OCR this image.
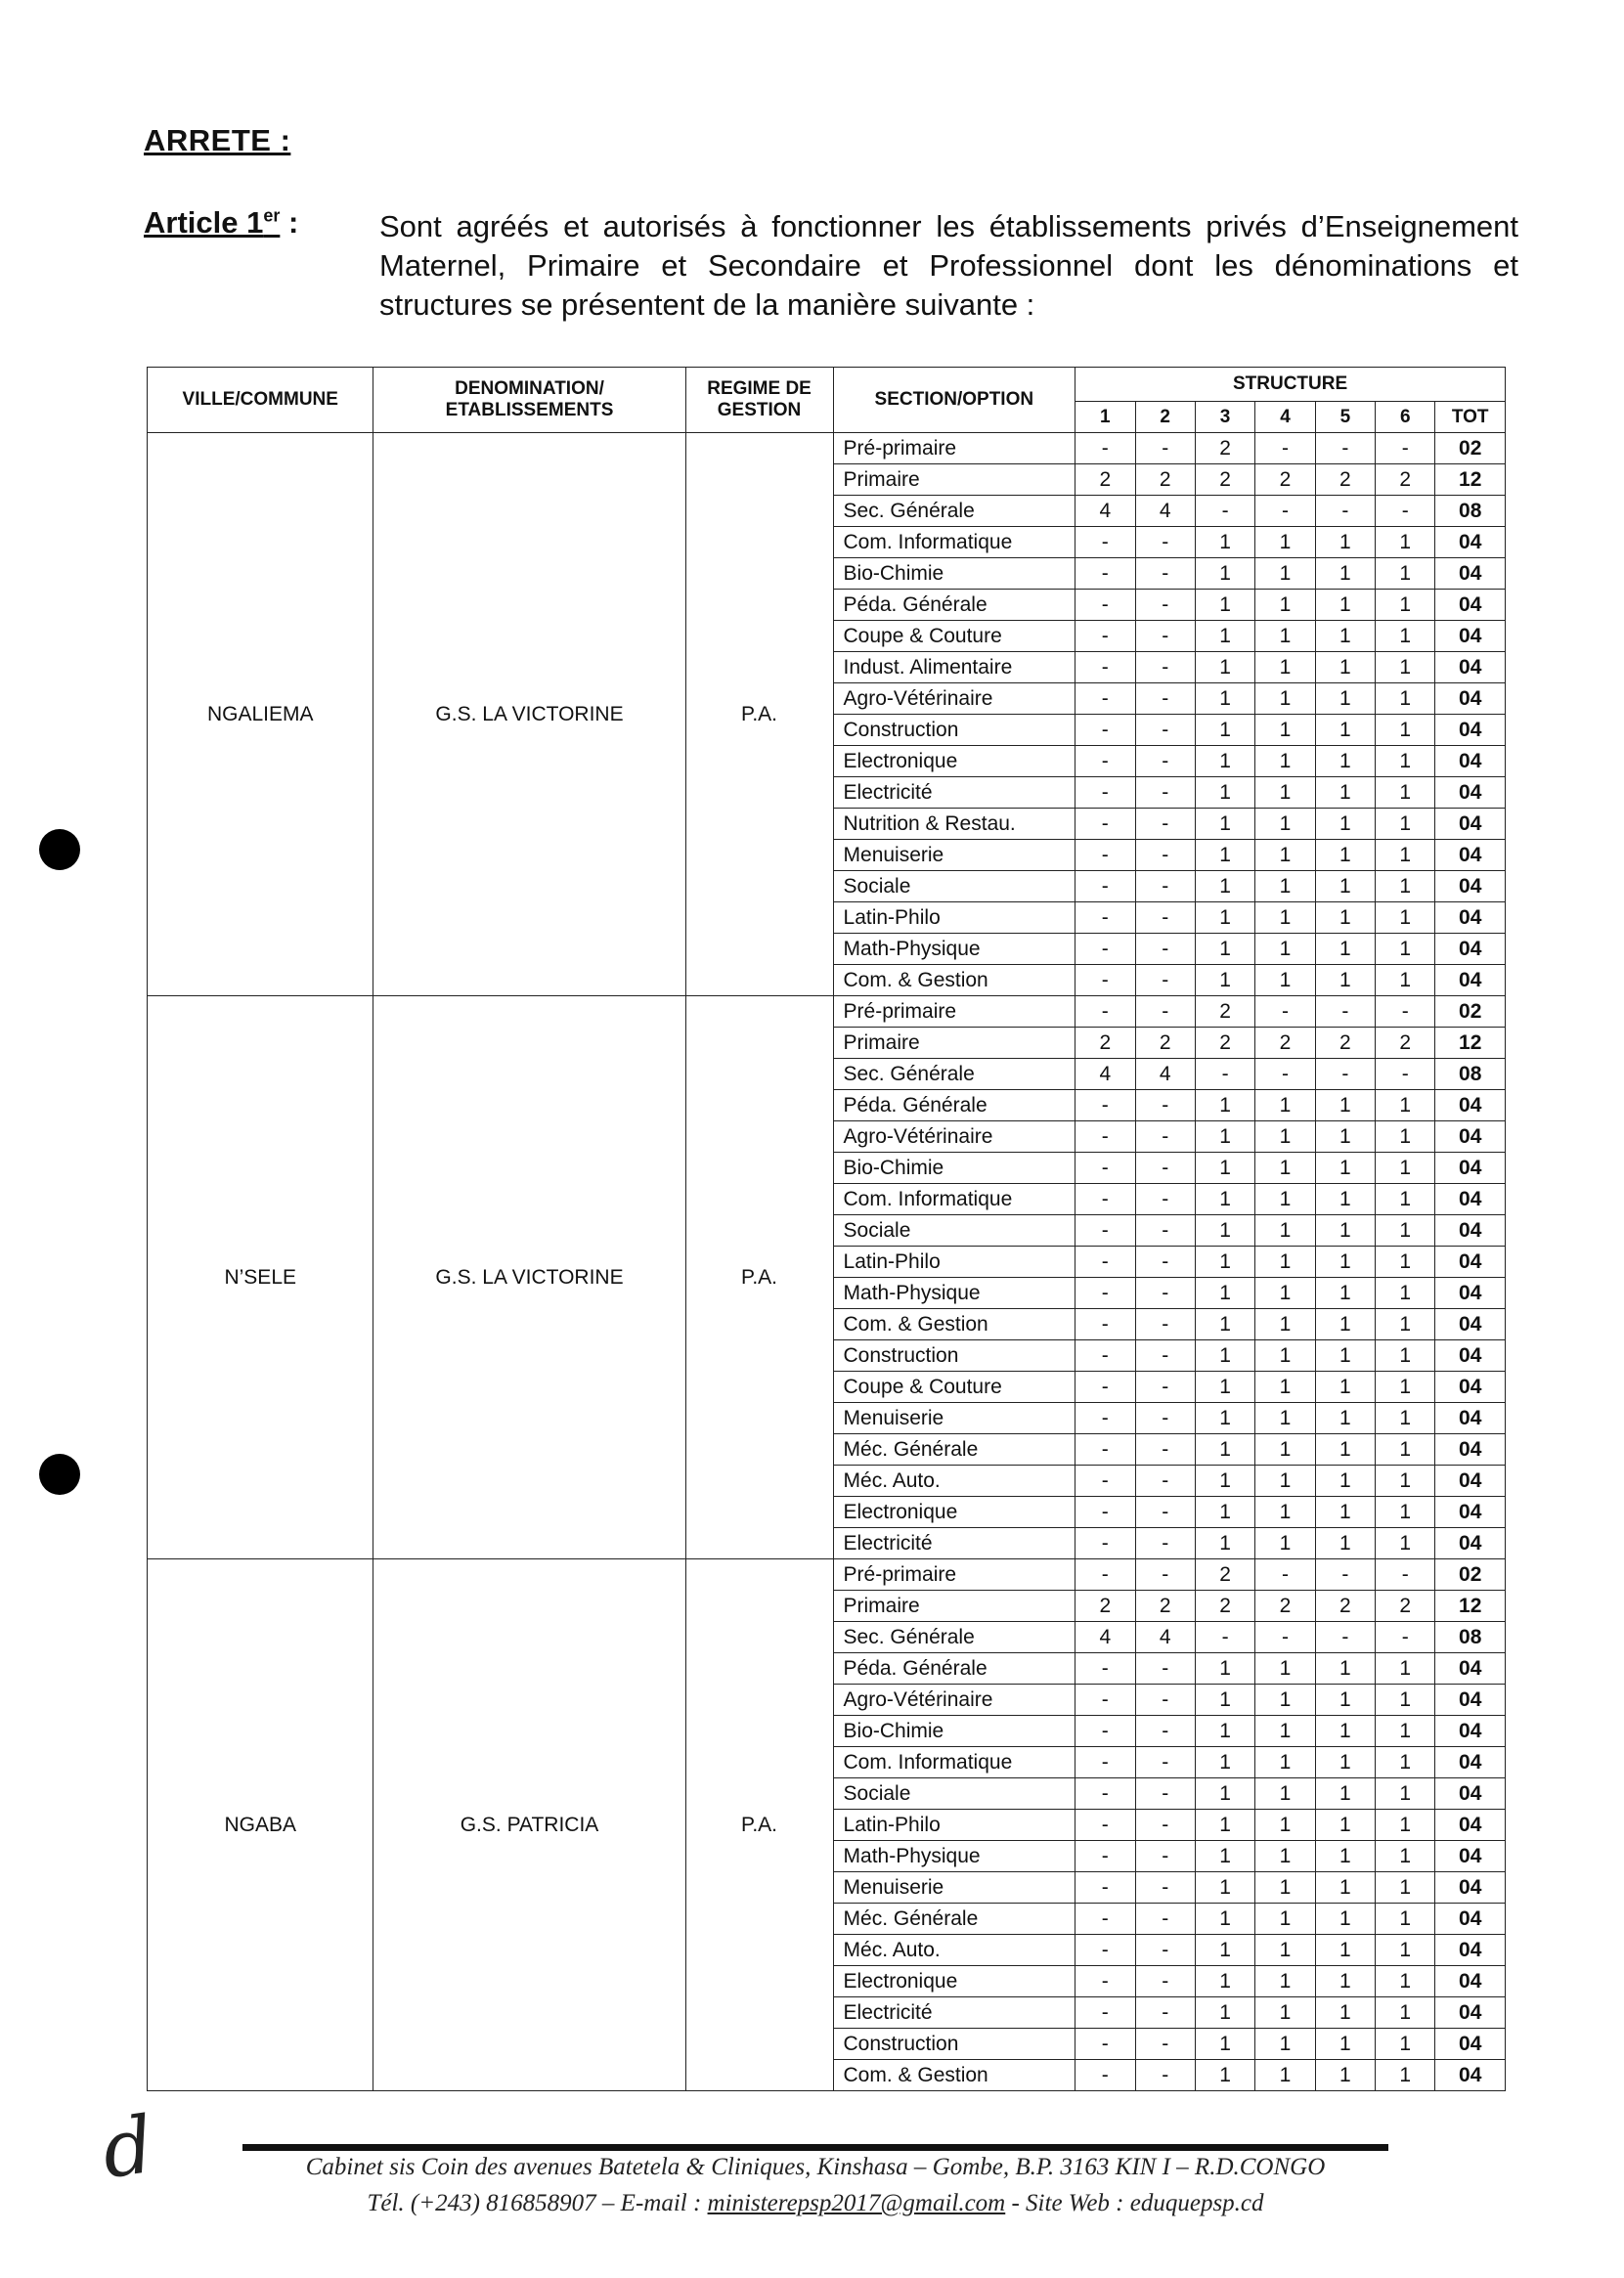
ARRETE :
Article 1er :	Sont agréés et autorisés à fonctionner les établissements privés d’Enseignement Maternel, Primaire et Secondaire et Professionnel dont les dénominations et structures se présentent de la manière suivante :
VILLE/COMMUNE	DENOMINATION/ ETABLISSEMENTS	REGIME DE GESTION	SECTION/OPTION	STRUCTURE						
				1	2	3	4	5	6	TOT
NGALIEMA	G.S. LA VICTORINE	P.A.	Pré-primaire	-	-	2	-	-	-	02
			Primaire	2	2	2	2	2	2	12
			Sec. Générale	4	4	-	-	-	-	08
			Com. Informatique	-	-	1	1	1	1	04
			Bio-Chimie	-	-	1	1	1	1	04
			Péda. Générale	-	-	1	1	1	1	04
			Coupe & Couture	-	-	1	1	1	1	04
			Indust. Alimentaire	-	-	1	1	1	1	04
			Agro-Vétérinaire	-	-	1	1	1	1	04
			Construction	-	-	1	1	1	1	04
			Electronique	-	-	1	1	1	1	04
			Electricité	-	-	1	1	1	1	04
			Nutrition & Restau.	-	-	1	1	1	1	04
			Menuiserie	-	-	1	1	1	1	04
			Sociale	-	-	1	1	1	1	04
			Latin-Philo	-	-	1	1	1	1	04
			Math-Physique	-	-	1	1	1	1	04
			Com. & Gestion	-	-	1	1	1	1	04
N’SELE	G.S. LA VICTORINE	P.A.	Pré-primaire	-	-	2	-	-	-	02
			Primaire	2	2	2	2	2	2	12
			Sec. Générale	4	4	-	-	-	-	08
			Péda. Générale	-	-	1	1	1	1	04
			Agro-Vétérinaire	-	-	1	1	1	1	04
			Bio-Chimie	-	-	1	1	1	1	04
			Com. Informatique	-	-	1	1	1	1	04
			Sociale	-	-	1	1	1	1	04
			Latin-Philo	-	-	1	1	1	1	04
			Math-Physique	-	-	1	1	1	1	04
			Com. & Gestion	-	-	1	1	1	1	04
			Construction	-	-	1	1	1	1	04
			Coupe & Couture	-	-	1	1	1	1	04
			Menuiserie	-	-	1	1	1	1	04
			Méc. Générale	-	-	1	1	1	1	04
			Méc. Auto.	-	-	1	1	1	1	04
			Electronique	-	-	1	1	1	1	04
			Electricité	-	-	1	1	1	1	04
NGABA	G.S. PATRICIA	P.A.	Pré-primaire	-	-	2	-	-	-	02
			Primaire	2	2	2	2	2	2	12
			Sec. Générale	4	4	-	-	-	-	08
			Péda. Générale	-	-	1	1	1	1	04
			Agro-Vétérinaire	-	-	1	1	1	1	04
			Bio-Chimie	-	-	1	1	1	1	04
			Com. Informatique	-	-	1	1	1	1	04
			Sociale	-	-	1	1	1	1	04
			Latin-Philo	-	-	1	1	1	1	04
			Math-Physique	-	-	1	1	1	1	04
			Menuiserie	-	-	1	1	1	1	04
			Méc. Générale	-	-	1	1	1	1	04
			Méc. Auto.	-	-	1	1	1	1	04
			Electronique	-	-	1	1	1	1	04
			Electricité	-	-	1	1	1	1	04
			Construction	-	-	1	1	1	1	04
			Com. & Gestion	-	-	1	1	1	1	04
d	Cabinet sis Coin des avenues Batetela & Cliniques, Kinshasa – Gombe, B.P. 3163 KIN I – R.D.CONGO
Tél. (+243) 816858907 – E-mail : ministerepsp2017@gmail.com - Site Web : eduquepsp.cd
